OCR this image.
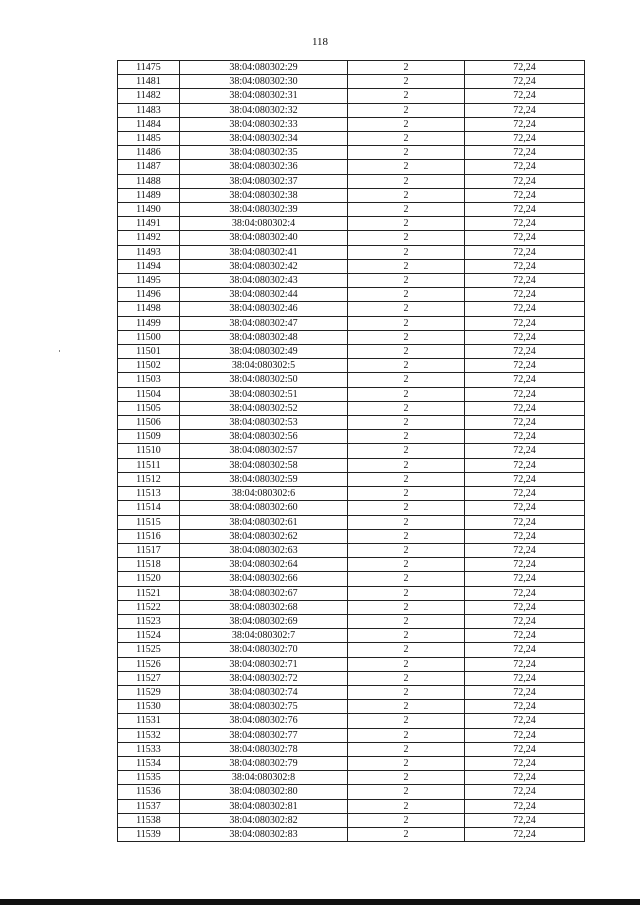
118
11475	38:04:080302:29	2	72,24
11481	38:04:080302:30	2	72,24
11482	38:04:080302:31	2	72,24
11483	38:04:080302:32	2	72,24
11484	38:04:080302:33	2	72,24
11485	38:04:080302:34	2	72,24
11486	38:04:080302:35	2	72,24
11487	38:04:080302:36	2	72,24
11488	38:04:080302:37	2	72,24
11489	38:04:080302:38	2	72,24
11490	38:04:080302:39	2	72,24
11491	38:04:080302:4	2	72,24
11492	38:04:080302:40	2	72,24
11493	38:04:080302:41	2	72,24
11494	38:04:080302:42	2	72,24
11495	38:04:080302:43	2	72,24
11496	38:04:080302:44	2	72,24
11498	38:04:080302:46	2	72,24
11499	38:04:080302:47	2	72,24
11500	38:04:080302:48	2	72,24
11501	38:04:080302:49	2	72,24
11502	38:04:080302:5	2	72,24
11503	38:04:080302:50	2	72,24
11504	38:04:080302:51	2	72,24
11505	38:04:080302:52	2	72,24
11506	38:04:080302:53	2	72,24
11509	38:04:080302:56	2	72,24
11510	38:04:080302:57	2	72,24
11511	38:04:080302:58	2	72,24
11512	38:04:080302:59	2	72,24
11513	38:04:080302:6	2	72,24
11514	38:04:080302:60	2	72,24
11515	38:04:080302:61	2	72,24
11516	38:04:080302:62	2	72,24
11517	38:04:080302:63	2	72,24
11518	38:04:080302:64	2	72,24
11520	38:04:080302:66	2	72,24
11521	38:04:080302:67	2	72,24
11522	38:04:080302:68	2	72,24
11523	38:04:080302:69	2	72,24
11524	38:04:080302:7	2	72,24
11525	38:04:080302:70	2	72,24
11526	38:04:080302:71	2	72,24
11527	38:04:080302:72	2	72,24
11529	38:04:080302:74	2	72,24
11530	38:04:080302:75	2	72,24
11531	38:04:080302:76	2	72,24
11532	38:04:080302:77	2	72,24
11533	38:04:080302:78	2	72,24
11534	38:04:080302:79	2	72,24
11535	38:04:080302:8	2	72,24
11536	38:04:080302:80	2	72,24
11537	38:04:080302:81	2	72,24
11538	38:04:080302:82	2	72,24
11539	38:04:080302:83	2	72,24
